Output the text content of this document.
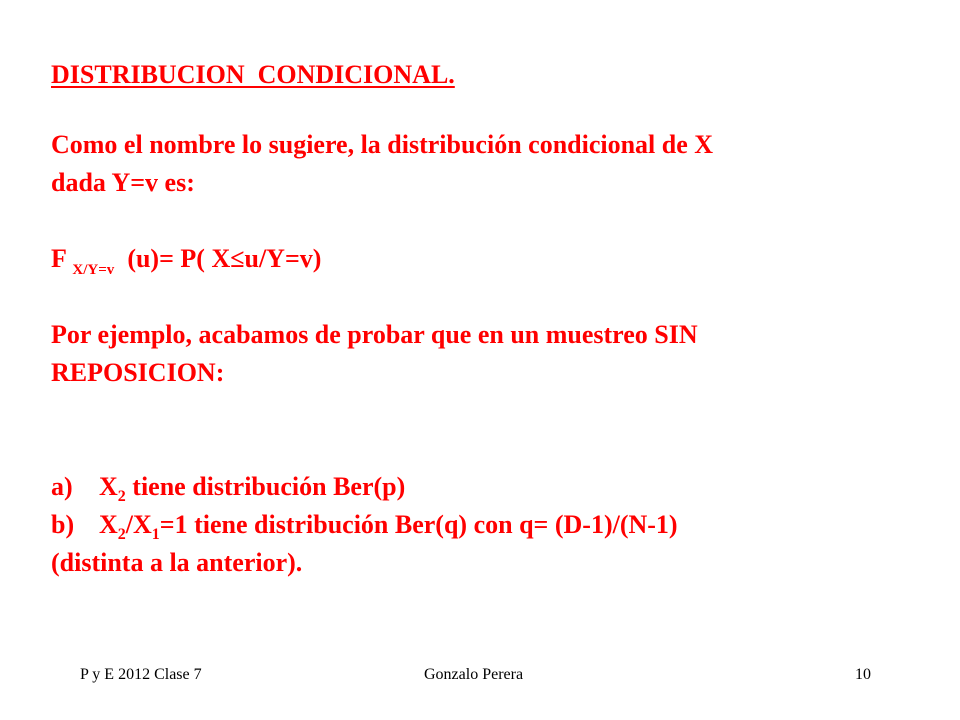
DISTRIBUCION  CONDICIONAL.
Como el nombre lo sugiere, la distribución condicional de X
dada Y=v es:
F $_{X/Y=v}$  (u)= P( X≤u/Y=v)
Por ejemplo, acabamos de probar que en un muestreo SIN
REPOSICION:
a) $X_2$ tiene distribución Ber(p)
b) $X_2/X_1=1$ tiene distribución Ber(q) con q= (D-1)/(N-1)
(distinta a la anterior).
P y E 2012 Clase 7	Gonzalo Perera	10
